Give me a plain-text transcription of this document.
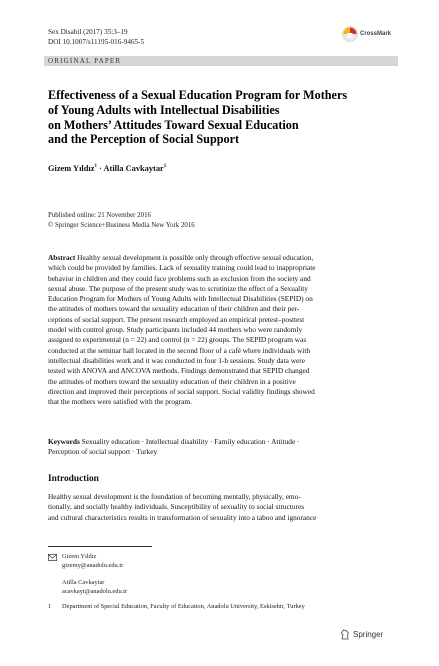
Sex Disabil (2017) 35:3–19
DOI 10.1007/s11195-016-9465-5
CrossMark
ORIGINAL PAPER
Effectiveness of a Sexual Education Program for Mothers
of Young Adults with Intellectual Disabilities
on Mothers’ Attitudes Toward Sexual Education
and the Perception of Social Support
Gizem Yıldız$^1$ · Atilla Cavkaytar$^1$
Published online: 21 November 2016
© Springer Science+Business Media New York 2016
Abstract Healthy sexual development is possible only through effective sexual education,
which could be provided by families. Lack of sexuality training could lead to inappropriate
behavior in children and they could face problems such as exclusion from the society and
sexual abuse. The purpose of the present study was to scrutinize the effect of a Sexuality
Education Program for Mothers of Young Adults with Intellectual Disabilities (SEPID) on
the attitudes of mothers toward the sexuality education of their children and their per-
ceptions of social support. The present research employed an empirical pretest–posttest
model with control group. Study participants included 44 mothers who were randomly
assigned to experimental (n = 22) and control (n = 22) groups. The SEPID program was
conducted at the seminar hall located in the second floor of a café where individuals with
intellectual disabilities work and it was conducted in four 1-h sessions. Study data were
tested with ANOVA and ANCOVA methods. Findings demonstrated that SEPID changed
the attitudes of mothers toward the sexuality education of their children in a positive
direction and improved their perceptions of social support. Social validity findings showed
that the mothers were satisfied with the program.
Keywords Sexuality education · Intellectual disability · Family education · Attitude ·
Perception of social support · Turkey
Introduction
Healthy sexual development is the foundation of becoming mentally, physically, emo-
tionally, and socially healthy individuals. Susceptibility of sexuality to social structures
and cultural characteristics results in transformation of sexuality into a taboo and ignorance
Gizem Yıldız
gizemy@anadolu.edu.tr
Atilla Cavkaytar
acavkayt@anadolu.edu.tr
1 Department of Special Education, Faculty of Education, Anadolu University, Eskisehir, Turkey
Springer
